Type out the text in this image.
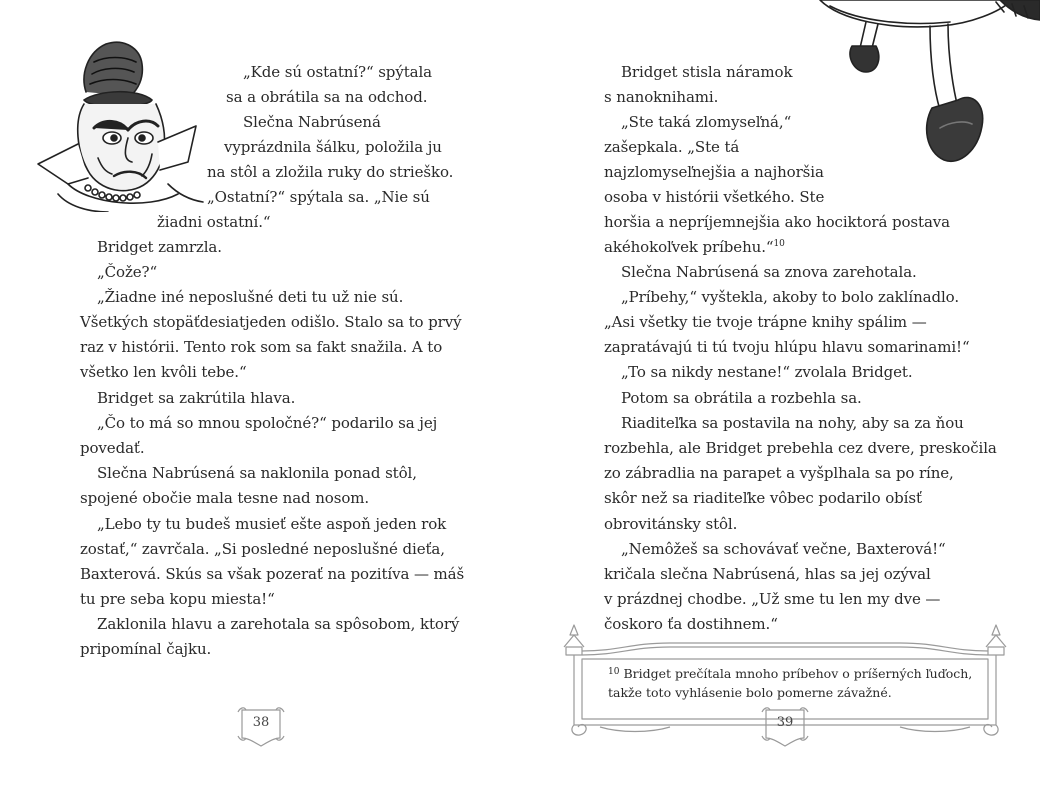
„Kde sú ostatní?“ spýtala
sa a obrátila sa na odchod.
Slečna Nabrúsená
vyprázdnila šálku, položila ju
na stôl a zložila ruky do strieško.
„Ostatní?“ spýtala sa. „Nie sú
žiadni ostatní.“
Bridget zamrzla.
„Čože?“
„Žiadne iné neposlušné deti tu už nie sú.
Všetkých stopäťdesiatjeden odišlo. Stalo sa to prvý
raz v histórii. Tento rok som sa fakt snažila. A to
všetko len kvôli tebe.“
Bridget sa zakrútila hlava.
„Čo to má so mnou spoločné?“ podarilo sa jej
povedať.
Slečna Nabrúsená sa naklonila ponad stôl,
spojené obočie mala tesne nad nosom.
„Lebo ty tu budeš musieť ešte aspoň jeden rok
zostať,“ zavrčala. „Si posledné neposlušné dieťa,
Baxterová. Skús sa však pozerať na pozitíva — máš
tu pre seba kopu miesta!“
Zaklonila hlavu a zarehotala sa spôsobom, ktorý
pripomínal čajku.
38
Bridget stisla náramok
s nanoknihami.
„Ste taká zlomyseľná,“
zašepkala. „Ste tá
najzlomyseľnejšia a najhoršia
osoba v histórii všetkého. Ste
horšia a nepríjemnejšia ako hociktorá postava
akéhokoľvek príbehu.“$^{10}$
Slečna Nabrúsená sa znova zarehotala.
„Príbehy,“ vyštekla, akoby to bolo zaklínadlo.
„Asi všetky tie tvoje trápne knihy spálim —
zapratávajú ti tú tvoju hlúpu hlavu somarinami!“
„To sa nikdy nestane!“ zvolala Bridget.
Potom sa obrátila a rozbehla sa.
Riaditeľka sa postavila na nohy, aby sa za ňou
rozbehla, ale Bridget prebehla cez dvere, preskočila
zo zábradlia na parapet a vyšplhala sa po ríne,
skôr než sa riaditeľke vôbec podarilo obísť
obrovitánsky stôl.
„Nemôžeš sa schovávať večne, Baxterová!“
kričala slečna Nabrúsená, hlas sa jej ozýval
v prázdnej chodbe. „Už sme tu len my dve —
čoskoro ťa dostihnem.“
$^{10}$ Bridget prečítala mnoho príbehov o príšerných ľuďoch,
takže toto vyhlásenie bolo pomerne závažné.
39
